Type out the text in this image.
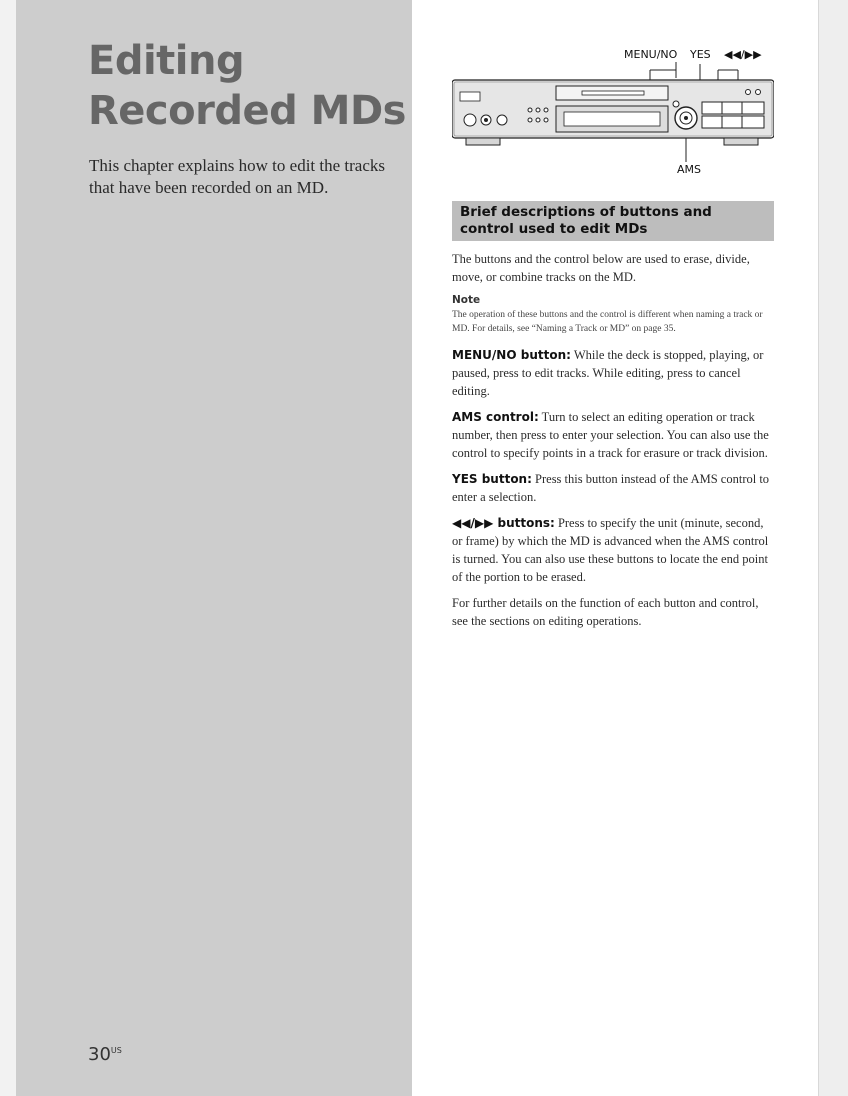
Editing
Recorded MDs

This chapter explains how to edit the tracks that have been recorded on an MD.

$30^{US}$
MENU/NO YES ◀◀/▶▶
AMS
Brief descriptions of buttons and control used to edit MDs

The buttons and the control below are used to erase, divide, move, or combine tracks on the MD.

Note

The operation of these buttons and the control is different when naming a track or MD. For details, see “Naming a Track or MD” on page 35.

MENU/NO button: While the deck is stopped, playing, or paused, press to edit tracks. While editing, press to cancel editing.

AMS control: Turn to select an editing operation or track number, then press to enter your selection. You can also use the control to specify points in a track for erasure or track division.

YES button: Press this button instead of the AMS control to enter a selection.

◀◀/▶▶ buttons: Press to specify the unit (minute, second, or frame) by which the MD is advanced when the AMS control is turned. You can also use these buttons to locate the end point of the portion to be erased.

For further details on the function of each button and control, see the sections on editing operations.
